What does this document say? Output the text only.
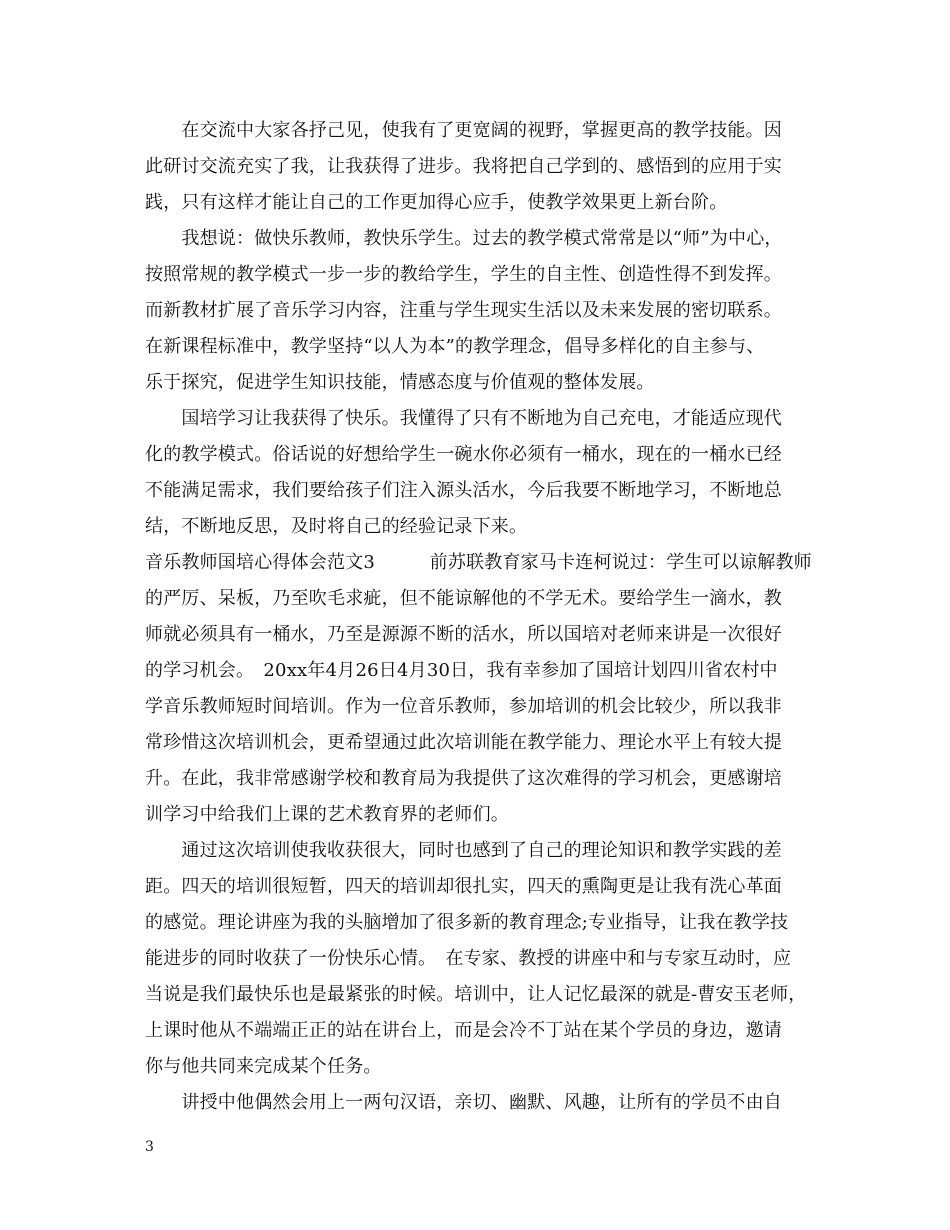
　　在交流中大家各抒己见，使我有了更宽阔的视野，掌握更高的教学技能。因
此研讨交流充实了我，让我获得了进步。我将把自己学到的、感悟到的应用于实
践，只有这样才能让自己的工作更加得心应手，使教学效果更上新台阶。
　　我想说：做快乐教师，教快乐学生。过去的教学模式常常是以“师”为中心，
按照常规的教学模式一步一步的教给学生，学生的自主性、创造性得不到发挥。
而新教材扩展了音乐学习内容，注重与学生现实生活以及未来发展的密切联系。
在新课程标准中，教学坚持“以人为本”的教学理念，倡导多样化的自主参与、
乐于探究，促进学生知识技能，情感态度与价值观的整体发展。
　　国培学习让我获得了快乐。我懂得了只有不断地为自己充电，才能适应现代
化的教学模式。俗话说的好想给学生一碗水你必须有一桶水，现在的一桶水已经
不能满足需求，我们要给孩子们注入源头活水，今后我要不断地学习，不断地总
结，不断地反思，及时将自己的经验记录下来。
音乐教师国培心得体会范文3　　　前苏联教育家马卡连柯说过：学生可以谅解教师
的严厉、呆板，乃至吹毛求疵，但不能谅解他的不学无术。要给学生一滴水，教
师就必须具有一桶水，乃至是源源不断的活水，所以国培对老师来讲是一次很好
的学习机会。　20xx年4月26日4月30日，我有幸参加了国培计划四川省农村中
学音乐教师短时间培训。作为一位音乐教师，参加培训的机会比较少，所以我非
常珍惜这次培训机会，更希望通过此次培训能在教学能力、理论水平上有较大提
升。在此，我非常感谢学校和教育局为我提供了这次难得的学习机会，更感谢培
训学习中给我们上课的艺术教育界的老师们。
　　通过这次培训使我收获很大，同时也感到了自己的理论知识和教学实践的差
距。四天的培训很短暂，四天的培训却很扎实，四天的熏陶更是让我有洗心革面
的感觉。理论讲座为我的头脑增加了很多新的教育理念;专业指导，让我在教学技
能进步的同时收获了一份快乐心情。　在专家、教授的讲座中和与专家互动时，应
当说是我们最快乐也是最紧张的时候。培训中，让人记忆最深的就是-曹安玉老师，
上课时他从不端端正正的站在讲台上，而是会冷不丁站在某个学员的身边，邀请
你与他共同来完成某个任务。
　　讲授中他偶然会用上一两句汉语，亲切、幽默、风趣，让所有的学员不由自
3
